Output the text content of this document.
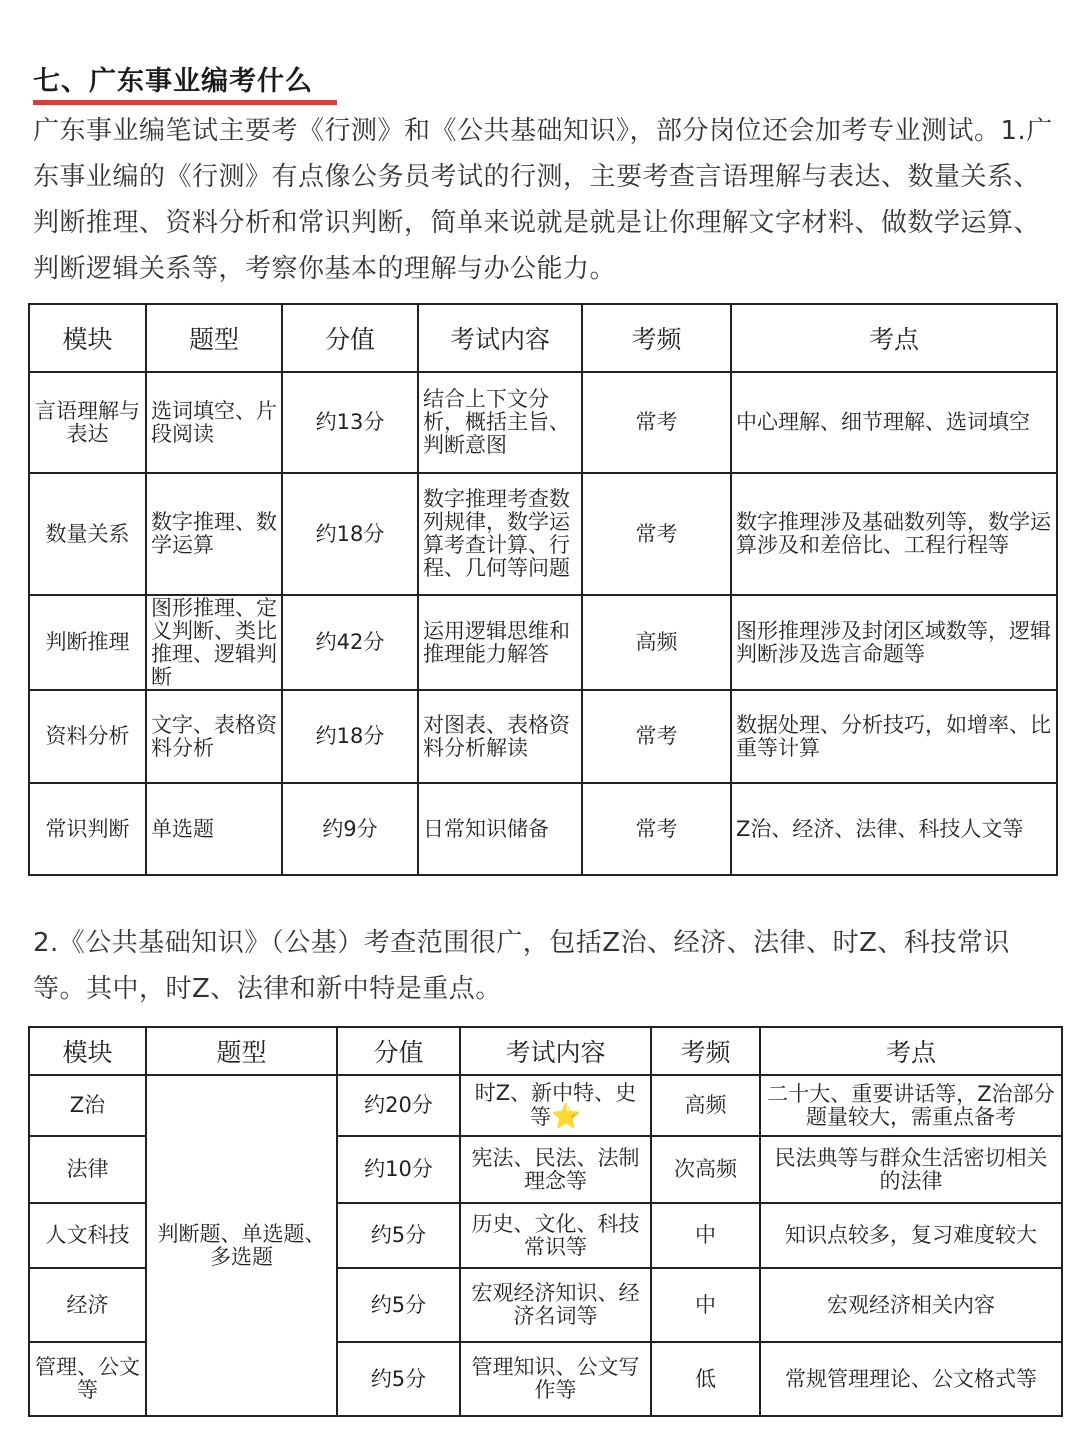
七、广东事业编考什么
广东事业编笔试主要考《行测》和《公共基础知识》，部分岗位还会加考专业测试。1.广东事业编的《行测》有点像公务员考试的行测，主要考查言语理解与表达、数量关系、判断推理、资料分析和常识判断，简单来说就是就是让你理解文字材料、做数学运算、判断逻辑关系等，考察你基本的理解与办公能力。
模块	题型	分值	考试内容	考频	考点
言语理解与表达	选词填空、片段阅读	约13分	结合上下文分析，概括主旨、判断意图	常考	中心理解、细节理解、选词填空
数量关系	数字推理、数学运算	约18分	数字推理考查数列规律，数学运算考查计算、行程、几何等问题	常考	数字推理涉及基础数列等，数学运算涉及和差倍比、工程行程等
判断推理	图形推理、定义判断、类比推理、逻辑判断	约42分	运用逻辑思维和推理能力解答	高频	图形推理涉及封闭区域数等，逻辑判断涉及选言命题等
资料分析	文字、表格资料分析	约18分	对图表、表格资料分析解读	常考	数据处理、分析技巧，如增率、比重等计算
常识判断	单选题	约9分	日常知识储备	常考	Z治、经济、法律、科技人文等
2.《公共基础知识》（公基）考查范围很广，包括Z治、经济、法律、时Z、科技常识等。其中，时Z、法律和新中特是重点。
模块	题型	分值	考试内容	考频	考点
Z治	判断题、单选题、多选题	约20分	时Z、新中特、史等⭐	高频	二十大、重要讲话等，Z治部分题量较大，需重点备考
法律		约10分	宪法、民法、法制理念等	次高频	民法典等与群众生活密切相关的法律
人文科技		约5分	历史、文化、科技常识等	中	知识点较多，复习难度较大
经济		约5分	宏观经济知识、经济名词等	中	宏观经济相关内容
管理、公文等		约5分	管理知识、公文写作等	低	常规管理理论、公文格式等
